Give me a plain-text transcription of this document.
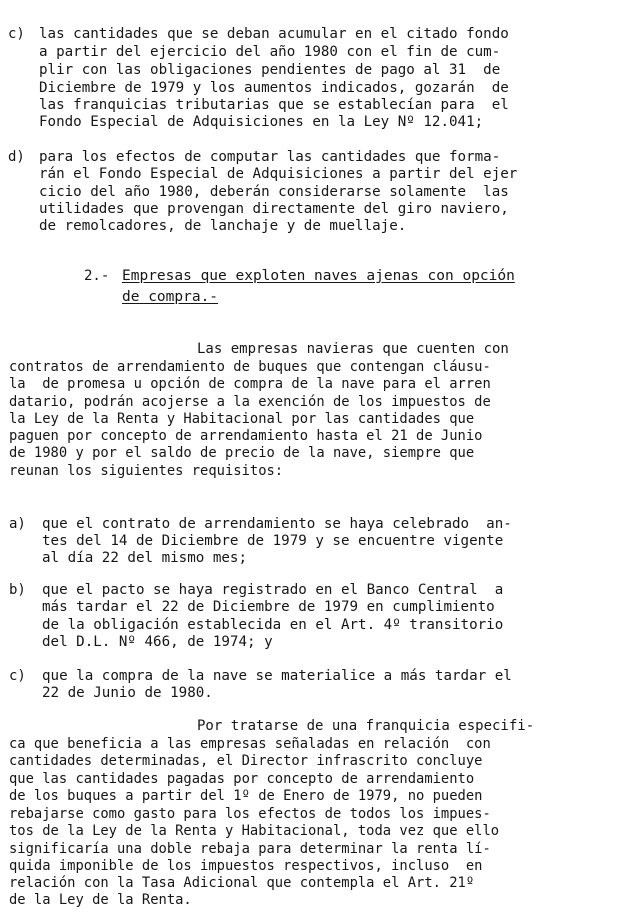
c) las cantidades que se deban acumular en el citado fondo
a partir del ejercicio del año 1980 con el fin de cum-
plir con las obligaciones pendientes de pago al 31  de
Diciembre de 1979 y los aumentos indicados, gozarán  de
las franquicias tributarias que se establecían para  el
Fondo Especial de Adquisiciones en la Ley Nº 12.041;
d) para los efectos de computar las cantidades que forma-
rán el Fondo Especial de Adquisiciones a partir del ejer
cicio del año 1980, deberán considerarse solamente  las
utilidades que provengan directamente del giro naviero,
de remolcadores, de lanchaje y de muellaje.
2.- Empresas que exploten naves ajenas con opción
de compra.-
Las empresas navieras que cuenten con
contratos de arrendamiento de buques que contengan cláusu-
la  de promesa u opción de compra de la nave para el arren
datario, podrán acojerse a la exención de los impuestos de
la Ley de la Renta y Habitacional por las cantidades que
paguen por concepto de arrendamiento hasta el 21 de Junio
de 1980 y por el saldo de precio de la nave, siempre que
reunan los siguientes requisitos:
a) que el contrato de arrendamiento se haya celebrado  an-
tes del 14 de Diciembre de 1979 y se encuentre vigente
al día 22 del mismo mes;
b) que el pacto se haya registrado en el Banco Central  a
más tardar el 22 de Diciembre de 1979 en cumplimiento
de la obligación establecida en el Art. 4º transitorio
del D.L. Nº 466, de 1974; y
c) que la compra de la nave se materialice a más tardar el
22 de Junio de 1980.
Por tratarse de una franquicia especifi-
ca que beneficia a las empresas señaladas en relación  con
cantidades determinadas, el Director infrascrito concluye
que las cantidades pagadas por concepto de arrendamiento
de los buques a partir del 1º de Enero de 1979, no pueden
rebajarse como gasto para los efectos de todos los impues-
tos de la Ley de la Renta y Habitacional, toda vez que ello
significaría una doble rebaja para determinar la renta lí-
quida imponible de los impuestos respectivos, incluso  en
relación con la Tasa Adicional que contempla el Art. 21º
de la Ley de la Renta.
